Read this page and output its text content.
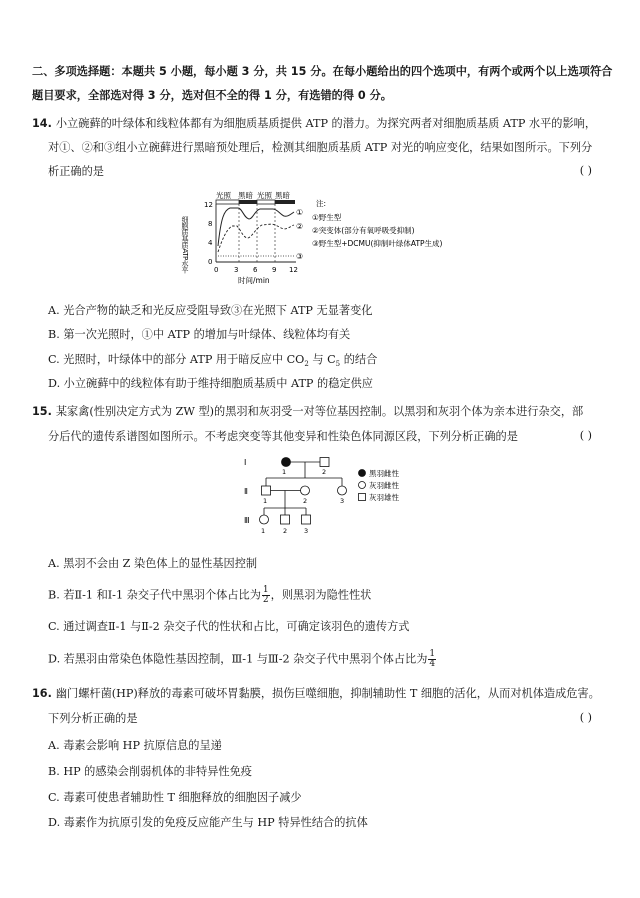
二、多项选择题：本题共 5 小题，每小题 3 分，共 15 分。在每小题给出的四个选项中，有两个或两个以上选项符合
题目要求，全部选对得 3 分，选对但不全的得 1 分，有选错的得 0 分。
14. 小立碗藓的叶绿体和线粒体都有为细胞质基质提供 ATP 的潜力。为探究两者对细胞质基质 ATP 水平的影响，
对①、②和③组小立碗藓进行黑暗预处理后，检测其细胞质基质 ATP 对光的响应变化，结果如图所示。下列分
析正确的是	( )
光照 黑暗 光照 黑暗
细胞质基质ATP水平
12
8
4
0
0 3 6 9 12
时间/min
①
②
③
注:
①野生型
②突变体(部分有氧呼吸受抑制)
③野生型+DCMU(抑制叶绿体ATP生成)
A. 光合产物的缺乏和光反应受阻导致③在光照下 ATP 无显著变化
B. 第一次光照时，①中 ATP 的增加与叶绿体、线粒体均有关
C. 光照时，叶绿体中的部分 ATP 用于暗反应中 $CO_2$ 与 $C_5$ 的结合
D. 小立碗藓中的线粒体有助于维持细胞质基质中 ATP 的稳定供应
15. 某家禽(性别决定方式为 ZW 型)的黑羽和灰羽受一对等位基因控制。以黑羽和灰羽个体为亲本进行杂交，部
分后代的遗传系谱图如图所示。不考虑突变等其他变异和性染色体同源区段，下列分析正确的是	( )
Ⅰ
Ⅱ
Ⅲ
1	2
1	2	3
1	2	3
黑羽雌性
灰羽雌性
灰羽雄性
A. 黑羽不会由 Z 染色体上的显性基因控制
B. 若Ⅱ-1 和Ⅰ-1 杂交子代中黑羽个体占比为 $\frac{1}{2}$ ，则黑羽为隐性性状
C. 通过调查Ⅱ-1 与Ⅱ-2 杂交子代的性状和占比，可确定该羽色的遗传方式
D. 若黑羽由常染色体隐性基因控制，Ⅲ-1 与Ⅲ-2 杂交子代中黑羽个体占比为 $\frac{1}{4}$
16. 幽门螺杆菌(HP)释放的毒素可破坏胃黏膜，损伤巨噬细胞，抑制辅助性 T 细胞的活化，从而对机体造成危害。
下列分析正确的是	( )
A. 毒素会影响 HP 抗原信息的呈递
B. HP 的感染会削弱机体的非特异性免疫
C. 毒素可使患者辅助性 T 细胞释放的细胞因子减少
D. 毒素作为抗原引发的免疫反应能产生与 HP 特异性结合的抗体
